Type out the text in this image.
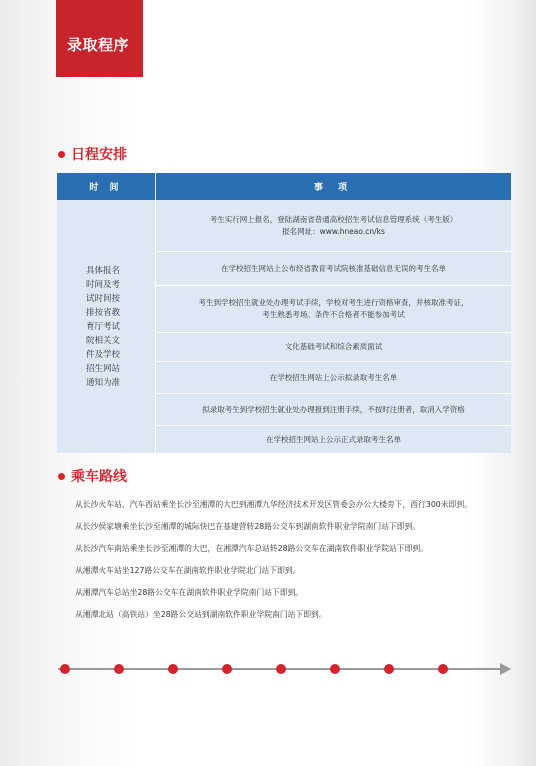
录取程序
日程安排
时 间	事 项
具体报名时间及考试时间按排按省教育厅考试院相关文件及学校招生网站通知为准
考生实行网上报名，登陆湖南省普通高校招生考试信息管理系统（考生版）
报名网址：www.hneao.cn/ks
在学校招生网站上公布经省教育考试院核准基础信息无误的考生名单
考生到学校招生就业处办理考试手续，学校对考生进行资格审查，并核取准考证，
考生熟悉考场。条件不合格者不能参加考试
文化基础考试和综合素质面试
在学校招生网站上公示拟录取考生名单
拟录取考生到学校招生就业处办理报到注册手续，不按时注册者，取消入学资格
在学校招生网站上公示正式录取考生名单
乘车路线

从长沙火车站、汽车西站乘坐长沙至湘潭的大巴到湘潭九华经济技术开发区管委会办公大楼旁下，西行300米即到。

从长沙侯家塘乘坐长沙至湘潭的城际快巴在基建营转28路公交车到湖南软件职业学院南门站下即到。

从长沙汽车南站乘坐长沙至湘潭的大巴，在湘潭汽车总站转28路公交车在湖南软件职业学院站下即到。

从湘潭火车站坐127路公交车在湖南软件职业学院北门站下即到。

从湘潭汽车总站坐28路公交车在湖南软件职业学院南门站下即到。

从湘潭北站（高铁站）坐28路公交站到湖南软件职业学院南门站下即到。
